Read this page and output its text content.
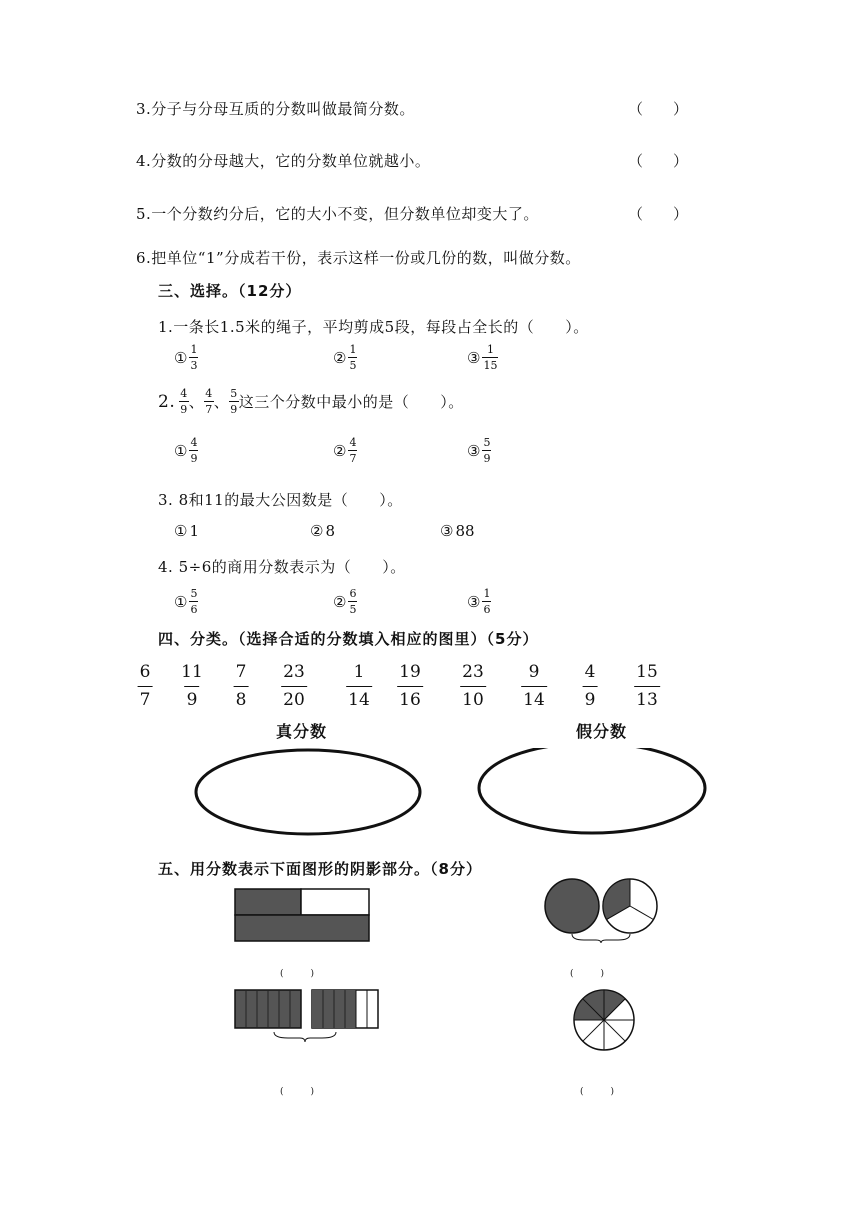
3.分子与分母互质的分数叫做最简分数。	（　　）
4.分数的分母越大，它的分数单位就越小。	（　　）
5.一个分数约分后，它的大小不变，但分数单位却变大了。	（　　）
6.把单位“1”分成若干份，表示这样一份或几份的数，叫做分数。
三、选择。（12分）
1.一条长1.5米的绳子，平均剪成5段，每段占全长的（　　）。
① $\frac{1}{3}$	② $\frac{1}{5}$	③ $\frac{1}{15}$
2. $\frac{4}{9}$ 、 $\frac{4}{7}$ 、 $\frac{5}{9}$ 这三个分数中最小的是（　　）。
① $\frac{4}{9}$	② $\frac{4}{7}$	③ $\frac{5}{9}$
3. 8和11的最大公因数是（　　）。
① 1	② 8	③ 88
4. 5÷6的商用分数表示为（　　）。
① $\frac{5}{6}$	② $\frac{6}{5}$	③ $\frac{1}{6}$
四、分类。（选择合适的分数填入相应的图里）（5分）
6
7
11
9
7
8
23
20
1
14
19
16
23
10
9
14
4
9
15
13
真分数	假分数
五、用分数表示下面图形的阴影部分。（8分）
(　　　)	(　　　)
(　　　)	(　　　)
